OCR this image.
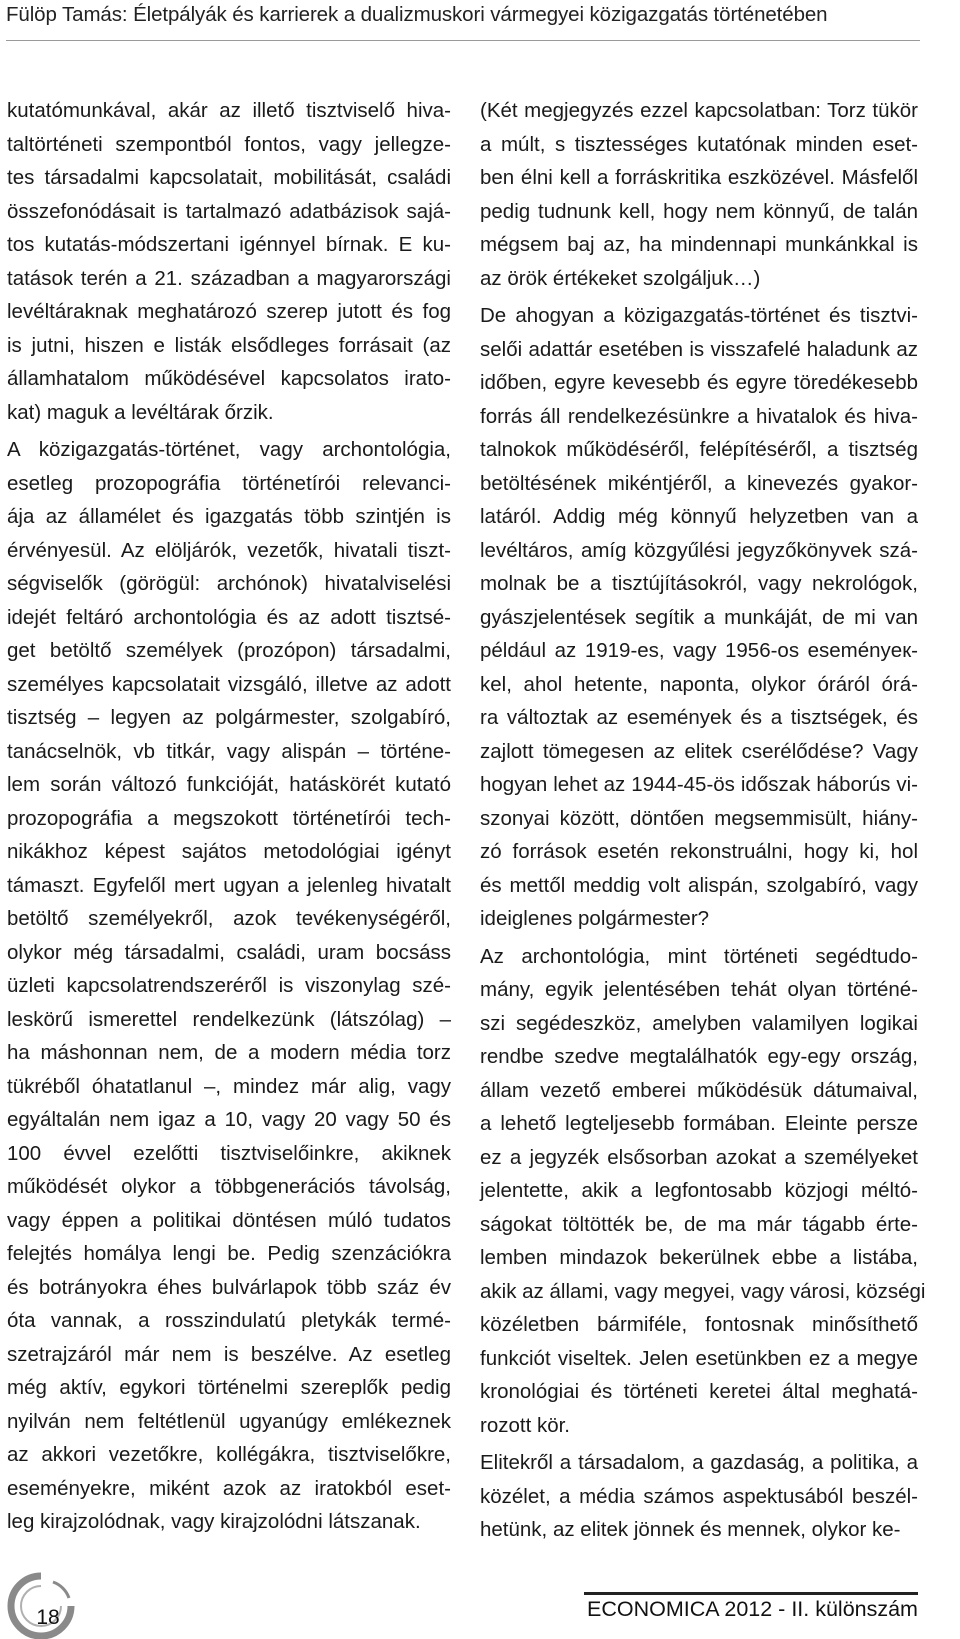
Fülöp Tamás: Életpályák és karrierek a dualizmuskori vármegyei közigazgatás történetében
kutatómunkával, akár az illető tisztviselő hiva-
taltörténeti szempontból fontos, vagy jellegze-
tes társadalmi kapcsolatait, mobilitását, családi
összefonódásait is tartalmazó adatbázisok sajá-
tos kutatás-módszertani igénnyel bírnak. E ku-
tatások terén a 21. században a magyarországi
levéltáraknak meghatározó szerep jutott és fog
is jutni, hiszen e listák elsődleges forrásait (az
államhatalom működésével kapcsolatos irato-
kat) maguk a levéltárak őrzik.
A közigazgatás-történet, vagy archontológia,
esetleg prozopográfia történetírói relevanci-
ája az államélet és igazgatás több szintjén is
érvényesül. Az elöljárók, vezetők, hivatali tiszt-
ségviselők (görögül: archónok) hivatalviselési
idejét feltáró archontológia és az adott tisztsé-
get betöltő személyek (prozópon) társadalmi,
személyes kapcsolatait vizsgáló, illetve az adott
tisztség – legyen az polgármester, szolgabíró,
tanácselnök, vb titkár, vagy alispán – történe-
lem során változó funkcióját, hatáskörét kutató
prozopográfia a megszokott történetírói tech-
nikákhoz képest sajátos metodológiai igényt
támaszt. Egyfelől mert ugyan a jelenleg hivatalt
betöltő személyekről, azok tevékenységéről,
olykor még társadalmi, családi, uram bocsáss
üzleti kapcsolatrendszeréről is viszonylag szé-
leskörű ismerettel rendelkezünk (látszólag) –
ha máshonnan nem, de a modern média torz
tükréből óhatatlanul –, mindez már alig, vagy
egyáltalán nem igaz a 10, vagy 20 vagy 50 és
100 évvel ezelőtti tisztviselőinkre, akiknek
működését olykor a többgenerációs távolság,
vagy éppen a politikai döntésen múló tudatos
felejtés homálya lengi be. Pedig szenzációkra
és botrányokra éhes bulvárlapok több száz év
óta vannak, a rosszindulatú pletykák termé-
szetrajzáról már nem is beszélve. Az esetleg
még aktív, egykori történelmi szereplők pedig
nyilván nem feltétlenül ugyanúgy emlékeznek
az akkori vezetőkre, kollégákra, tisztviselőkre,
eseményekre, miként azok az iratokból eset-
leg kirajzolódnak, vagy kirajzolódni látszanak.
(Két megjegyzés ezzel kapcsolatban: Torz tükör
a múlt, s tisztességes kutatónak minden eset-
ben élni kell a forráskritika eszközével. Másfelől
pedig tudnunk kell, hogy nem könnyű, de talán
mégsem baj az, ha mindennapi munkánkkal is
az örök értékeket szolgáljuk…)
De ahogyan a közigazgatás-történet és tisztvi-
selői adattár esetében is visszafelé haladunk az
időben, egyre kevesebb és egyre töredékesebb
forrás áll rendelkezésünkre a hivatalok és hiva-
talnokok működéséről, felépítéséről, a tisztség
betöltésének mikéntjéről, a kinevezés gyakor-
latáról. Addig még könnyű helyzetben van a
levéltáros, amíg közgyűlési jegyzőkönyvek szá-
molnak be a tisztújításokról, vagy nekrológok,
gyászjelentések segítik a munkáját, de mi van
például az 1919-es, vagy 1956-os eseményeк-
kel, ahol hetente, naponta, olykor óráról órá-
ra változtak az események és a tisztségek, és
zajlott tömegesen az elitek cserélődése? Vagy
hogyan lehet az 1944-45-ös időszak háborús vi-
szonyai között, döntően megsemmisült, hiány-
zó források esetén rekonstruálni, hogy ki, hol
és mettől meddig volt alispán, szolgabíró, vagy
ideiglenes polgármester?
Az archontológia, mint történeti segédtudo-
mány, egyik jelentésében tehát olyan történé-
szi segédeszköz, amelyben valamilyen logikai
rendbe szedve megtalálhatók egy-egy ország,
állam vezető emberei működésük dátumaival,
a lehető legteljesebb formában. Eleinte persze
ez a jegyzék elsősorban azokat a személyeket
jelentette, akik a legfontosabb közjogi méltó-
ságokat töltötték be, de ma már tágabb érte-
lemben mindazok bekerülnek ebbe a listába,
akik az állami, vagy megyei, vagy városi, községi
közéletben bármiféle, fontosnak minősíthető
funkciót viseltek. Jelen esetünkben ez a megye
kronológiai és történeti keretei által meghatá-
rozott kör.
Elitekről a társadalom, a gazdaság, a politika, a
közélet, a média számos aspektusából beszél-
hetünk, az elitek jönnek és mennek, olykor ke-
18	ECONOMICA 2012 - II. különszám
